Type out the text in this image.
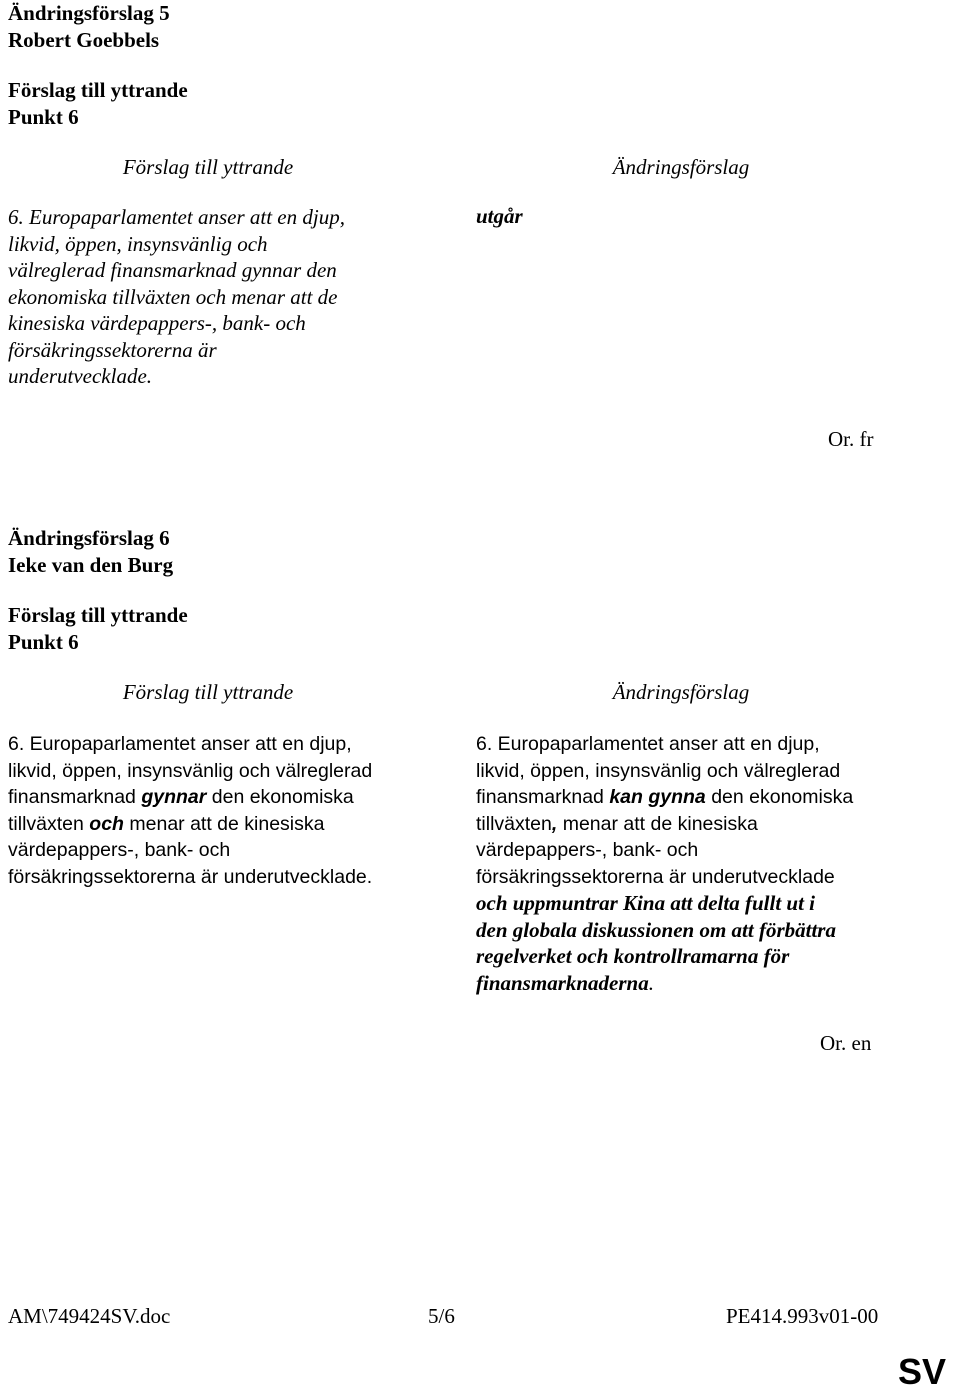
Ändringsförslag 5
Robert Goebbels
Förslag till yttrande
Punkt 6
Förslag till yttrande	Ändringsförslag
6. Europaparlamentet anser att en djup,
likvid, öppen, insynsvänlig och
välreglerad finansmarknad gynnar den
ekonomiska tillväxten och menar att de
kinesiska värdepappers-, bank- och
försäkringssektorerna är
underutvecklade.
utgår
Or. fr
Ändringsförslag 6
Ieke van den Burg
Förslag till yttrande
Punkt 6
Förslag till yttrande	Ändringsförslag
6. Europaparlamentet anser att en djup,
likvid, öppen, insynsvänlig och välreglerad
finansmarknad gynnar den ekonomiska
tillväxten och menar att de kinesiska
värdepappers-, bank- och
försäkringssektorerna är underutvecklade.
6. Europaparlamentet anser att en djup,
likvid, öppen, insynsvänlig och välreglerad
finansmarknad kan gynna den ekonomiska
tillväxten, menar att de kinesiska
värdepappers-, bank- och
försäkringssektorerna är underutvecklade
och uppmuntrar Kina att delta fullt ut i
den globala diskussionen om att förbättra
regelverket och kontrollramarna för
finansmarknaderna.
Or. en
AM\749424SV.doc	5/6	PE414.993v01-00
SV
